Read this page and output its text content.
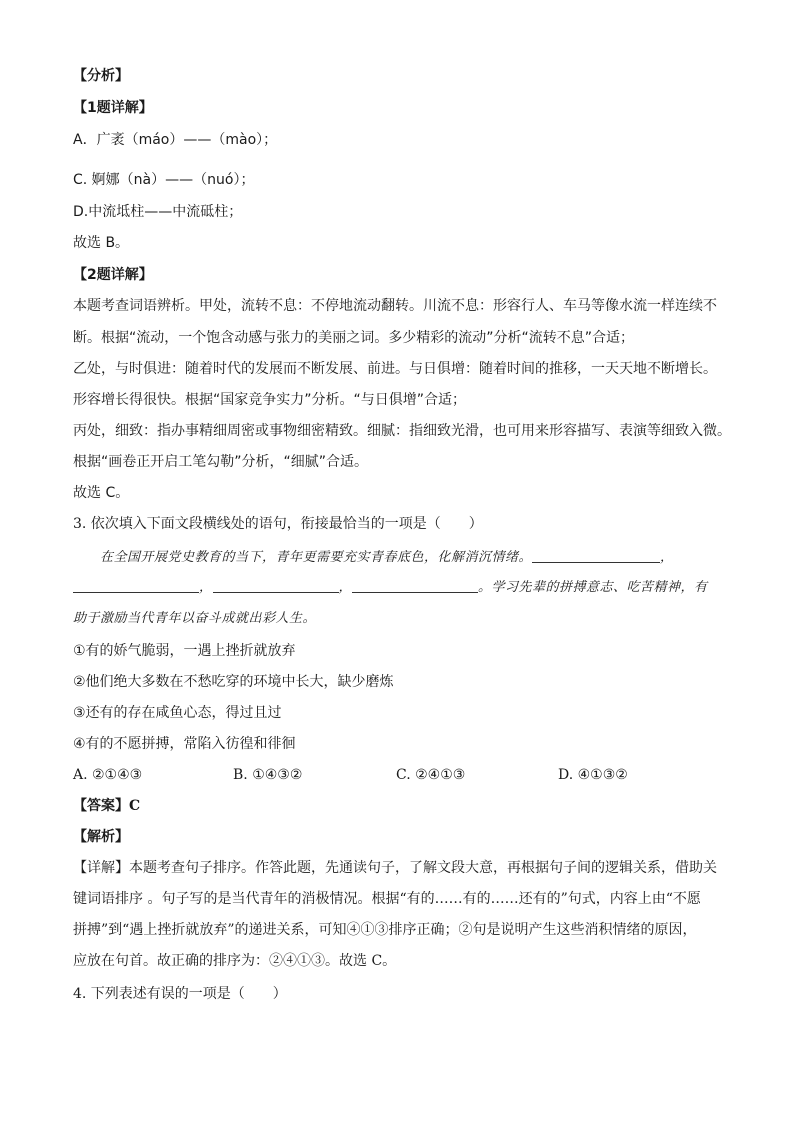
【分析】
【1题详解】
A．广袤（máo）——（mào）；
C. 婀娜（nà）——（nuó）；
D.中流坻柱——中流砥柱；
故选 B。
【2题详解】
本题考查词语辨析。甲处，流转不息：不停地流动翻转。川流不息：形容行人、车马等像水流一样连续不
断。根据“流动，一个饱含动感与张力的美丽之词。多少精彩的流动”分析“流转不息”合适；
乙处，与时俱进：随着时代的发展而不断发展、前进。与日俱增：随着时间的推移，一天天地不断增长。
形容增长得很快。根据“国家竞争实力”分析。“与日俱增”合适；
丙处，细致：指办事精细周密或事物细密精致。细腻：指细致光滑，也可用来形容描写、表演等细致入微。
根据“画卷正开启工笔勾勒”分析，“细腻”合适。
故选 C。
3. 依次填入下面文段横线处的语句，衔接最恰当的一项是（　　）
在全国开展党史教育的当下，青年更需要充实青春底色，化解消沉情绪。	，
，	，	。学习先辈的拼搏意志、吃苦精神，有
助于激励当代青年以奋斗成就出彩人生。
①有的娇气脆弱，一遇上挫折就放弃
②他们绝大多数在不愁吃穿的环境中长大，缺少磨炼
③还有的存在咸鱼心态，得过且过
④有的不愿拼搏，常陷入彷徨和徘徊
A. ②①④③	B. ①④③②	C. ②④①③	D. ④①③②
【答案】C
【解析】
【详解】本题考查句子排序。作答此题，先通读句子，了解文段大意，再根据句子间的逻辑关系，借助关
键词语排序 。句子写的是当代青年的消极情况。根据“有的……有的……还有的”句式，内容上由“不愿
拼搏”到“遇上挫折就放弃”的递进关系，可知④①③排序正确；②句是说明产生这些消积情绪的原因，
应放在句首。故正确的排序为：②④①③。故选 C。
4. 下列表述有误的一项是（　　）
